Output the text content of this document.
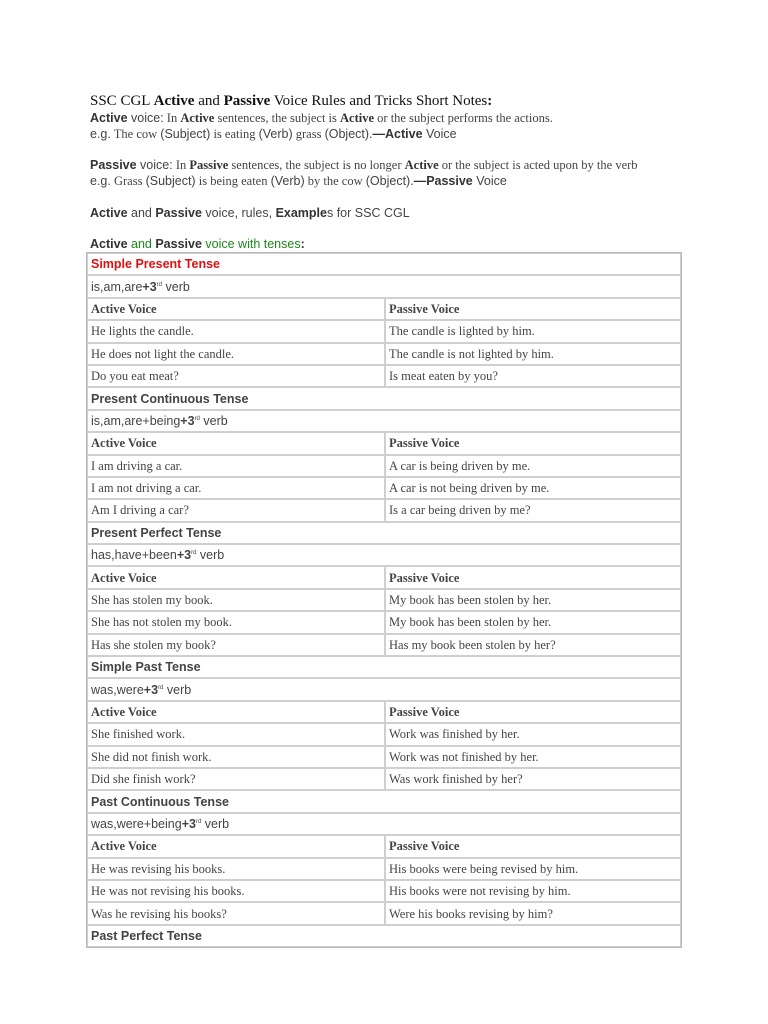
SSC CGL Active and Passive Voice Rules and Tricks Short Notes:
Active voice: In Active sentences, the subject is Active or the subject performs the actions.
e.g. The cow (Subject) is eating (Verb) grass (Object).—Active Voice
Passive voice: In Passive sentences, the subject is no longer Active or the subject is acted upon by the verb
e.g. Grass (Subject) is being eaten (Verb) by the cow (Object).—Passive Voice
Active and Passive voice, rules, Examples for SSC CGL
Active and Passive voice with tenses:
Simple Present Tense	
is,am,are+3rd verb	
Active Voice	Passive Voice
He lights the candle.	The candle is lighted by him.
He does not light the candle.	The candle is not lighted by him.
Do you eat meat?	Is meat eaten by you?
Present Continuous Tense	
is,am,are+being+3rd verb	
Active Voice	Passive Voice
I am driving a car.	A car is being driven by me.
I am not driving a car.	A car is not being driven by me.
Am I driving a car?	Is a car being driven by me?
Present Perfect Tense	
has,have+been+3rd verb	
Active Voice	Passive Voice
She has stolen my book.	My book has been stolen by her.
She has not stolen my book.	My book has been stolen by her.
Has she stolen my book?	Has my book been stolen by her?
Simple Past Tense	
was,were+3rd verb	
Active Voice	Passive Voice
She finished work.	Work was finished by her.
She did not finish work.	Work was not finished by her.
Did she finish work?	Was work finished by her?
Past Continuous Tense	
was,were+being+3rd verb	
Active Voice	Passive Voice
He was revising his books.	His books were being revised by him.
He was not revising his books.	His books were not revising by him.
Was he revising his books?	Were his books revising by him?
Past Perfect Tense	
